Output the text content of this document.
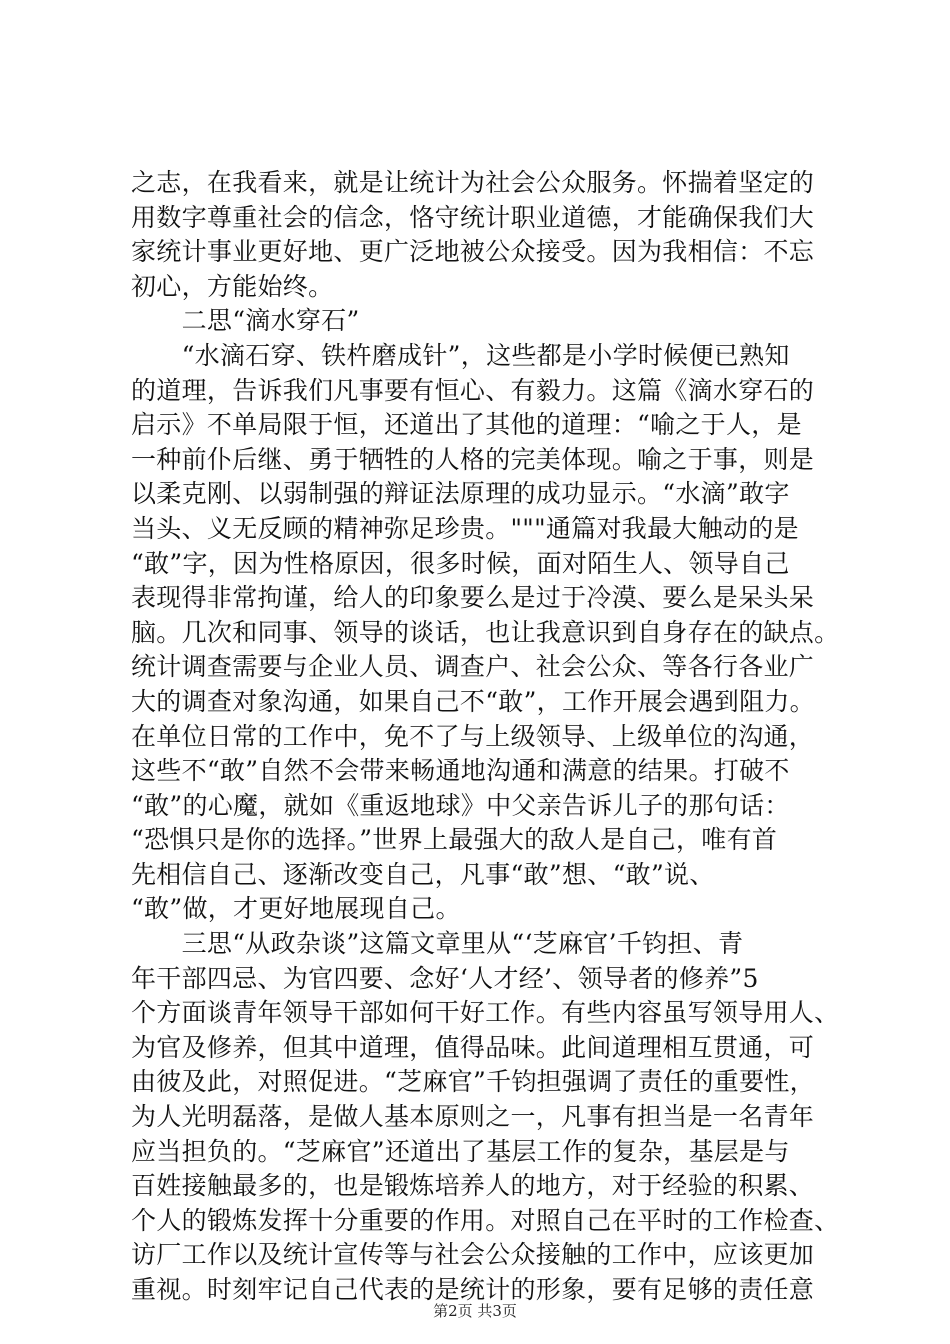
之志，在我看来，就是让统计为社会公众服务。怀揣着坚定的
用数字尊重社会的信念，恪守统计职业道德，才能确保我们大
家统计事业更好地、更广泛地被公众接受。因为我相信：不忘
初心，方能始终。
　　二思“滴水穿石”
　　“水滴石穿、铁杵磨成针”，这些都是小学时候便已熟知
的道理，告诉我们凡事要有恒心、有毅力。这篇《滴水穿石的
启示》不单局限于恒，还道出了其他的道理：“喻之于人，是
一种前仆后继、勇于牺牲的人格的完美体现。喻之于事，则是
以柔克刚、以弱制强的辩证法原理的成功显示。“水滴”敢字
当头、义无反顾的精神弥足珍贵。"""通篇对我最大触动的是
“敢”字，因为性格原因，很多时候，面对陌生人、领导自己
表现得非常拘谨，给人的印象要么是过于冷漠、要么是呆头呆
脑。几次和同事、领导的谈话，也让我意识到自身存在的缺点。
统计调查需要与企业人员、调查户、社会公众、等各行各业广
大的调查对象沟通，如果自己不“敢”，工作开展会遇到阻力。
在单位日常的工作中，免不了与上级领导、上级单位的沟通，
这些不“敢”自然不会带来畅通地沟通和满意的结果。打破不
“敢”的心魔，就如《重返地球》中父亲告诉儿子的那句话：
“恐惧只是你的选择。”世界上最强大的敌人是自己，唯有首
先相信自己、逐渐改变自己，凡事“敢”想、“敢”说、
“敢”做，才更好地展现自己。
　　三思“从政杂谈”这篇文章里从“‘芝麻官’千钧担、青
年干部四忌、为官四要、念好‘人才经’、领导者的修养”5
个方面谈青年领导干部如何干好工作。有些内容虽写领导用人、
为官及修养，但其中道理，值得品味。此间道理相互贯通，可
由彼及此，对照促进。“芝麻官”千钧担强调了责任的重要性，
为人光明磊落，是做人基本原则之一，凡事有担当是一名青年
应当担负的。“芝麻官”还道出了基层工作的复杂，基层是与
百姓接触最多的，也是锻炼培养人的地方，对于经验的积累、
个人的锻炼发挥十分重要的作用。对照自己在平时的工作检查、
访厂工作以及统计宣传等与社会公众接触的工作中，应该更加
重视。时刻牢记自己代表的是统计的形象，要有足够的责任意
第2页 共3页
